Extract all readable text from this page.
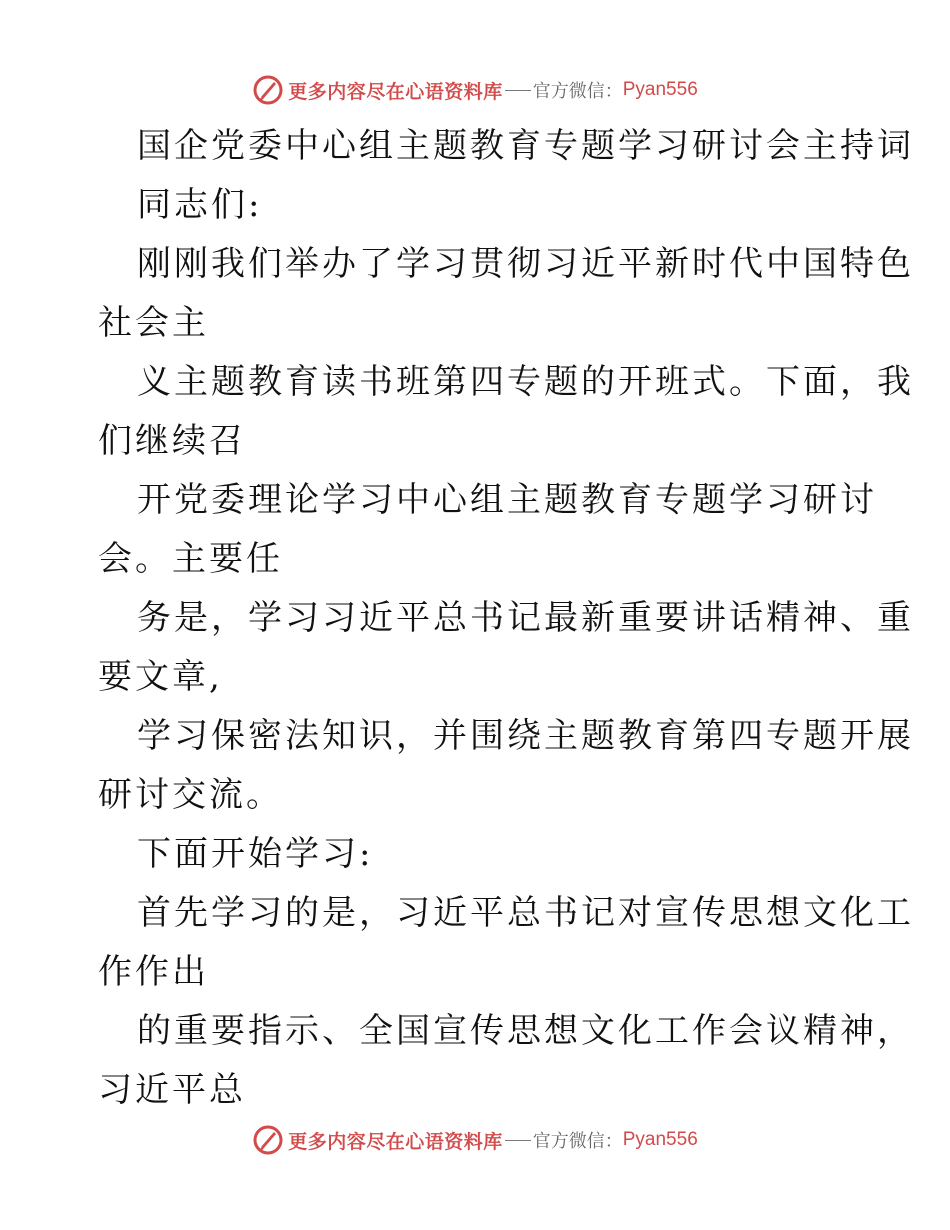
更多内容尽在心语资料库 官方微信： Pyan556
国企党委中心组主题教育专题学习研讨会主持词
同志们:
刚刚我们举办了学习贯彻习近平新时代中国特色
社会主
义主题教育读书班第四专题的开班式。下面，我
们继续召
开党委理论学习中心组主题教育专题学习研讨
会。主要任
务是，学习习近平总书记最新重要讲话精神、重
要文章,
学习保密法知识，并围绕主题教育第四专题开展
研讨交流。
下面开始学习:
首先学习的是，习近平总书记对宣传思想文化工
作作出
的重要指示、全国宣传思想文化工作会议精神，
习近平总
更多内容尽在心语资料库 官方微信： Pyan556
